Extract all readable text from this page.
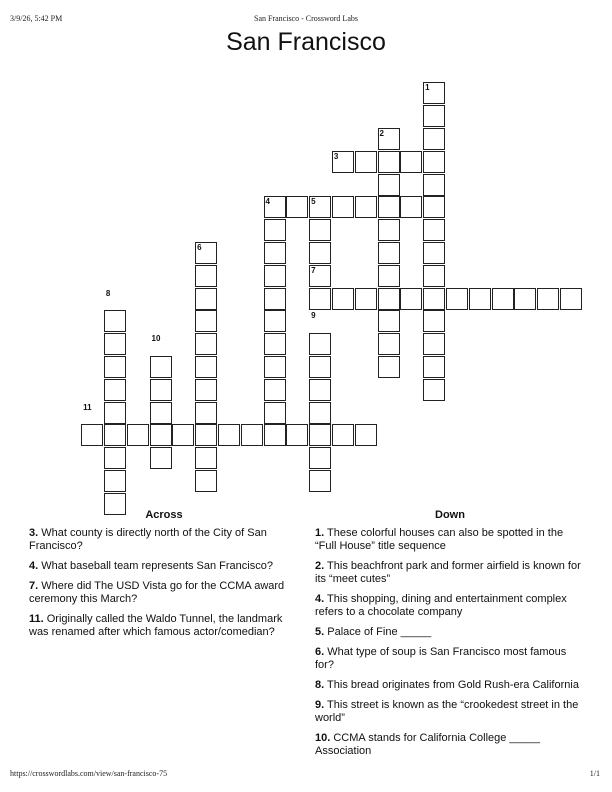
3/9/26, 5:42 PM	San Francisco - Crossword Labs
San Francisco
1
2
3
4	5
6
7
8
9
10
11
Across
3. What county is directly north of the City of San Francisco?
4. What baseball team represents San Francisco?
7. Where did The USD Vista go for the CCMA award ceremony this March?
11. Originally called the Waldo Tunnel, the landmark was renamed after which famous actor/comedian?
Down
1. These colorful houses can also be spotted in the “Full House” title sequence
2. This beachfront park and former airfield is known for its “meet cutes”
4. This shopping, dining and entertainment complex refers to a chocolate company
5. Palace of Fine _____
6. What type of soup is San Francisco most famous for?
8. This bread originates from Gold Rush-era California
9. This street is known as the “crookedest street in the world”
10. CCMA stands for California College _____ Association
https://crosswordlabs.com/view/san-francisco-75	1/1
